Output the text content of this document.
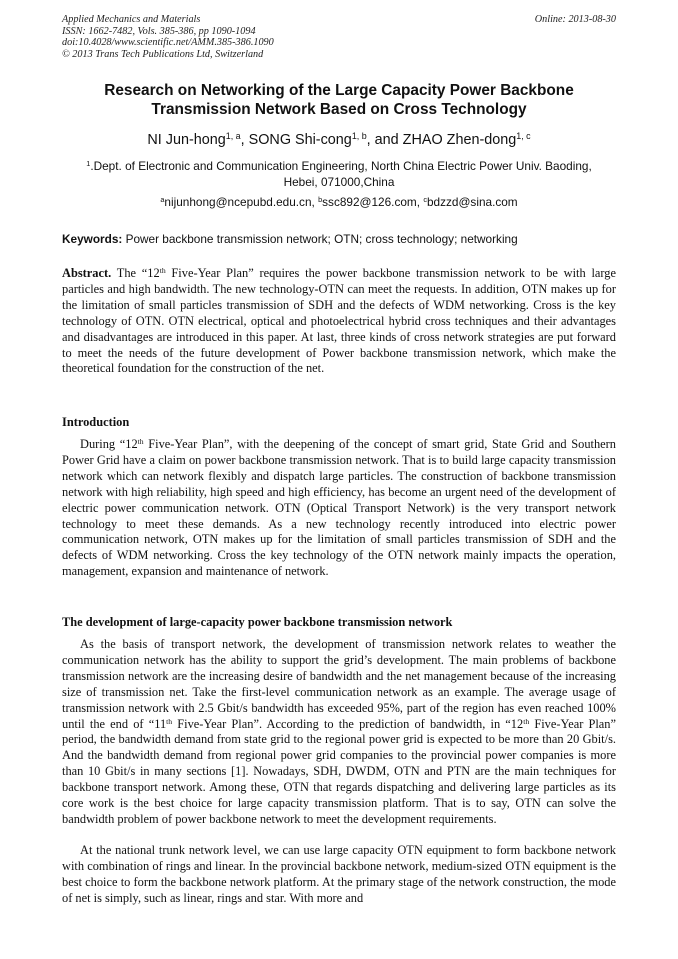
Applied Mechanics and Materials
ISSN: 1662-7482, Vols. 385-386, pp 1090-1094
doi:10.4028/www.scientific.net/AMM.385-386.1090
© 2013 Trans Tech Publications Ltd, Switzerland
Online: 2013-08-30
Research on Networking of the Large Capacity Power Backbone
Transmission Network Based on Cross Technology
NI Jun-hong$^{1, a}$, SONG Shi-cong$^{1, b}$, and ZHAO Zhen-dong$^{1, c}$
$^1$.Dept. of Electronic and Communication Engineering, North China Electric Power Univ. Baoding,
Hebei, 071000,China
$^a$nijunhong@ncepubd.edu.cn, $^b$ssc892@126.com, $^c$bdzzd@sina.com
Keywords: Power backbone transmission network; OTN; cross technology; networking
Abstract. The “12th Five-Year Plan” requires the power backbone transmission network to be with large particles and high bandwidth. The new technology-OTN can meet the requests. In addition, OTN makes up for the limitation of small particles transmission of SDH and the defects of WDM networking. Cross is the key technology of OTN. OTN electrical, optical and photoelectrical hybrid cross techniques and their advantages and disadvantages are introduced in this paper. At last, three kinds of cross network strategies are put forward to meet the needs of the future development of Power backbone transmission network, which make the theoretical foundation for the construction of the net.
Introduction
During “12th Five-Year Plan”, with the deepening of the concept of smart grid, State Grid and Southern Power Grid have a claim on power backbone transmission network. That is to build large capacity transmission network which can network flexibly and dispatch large particles. The construction of backbone transmission network with high reliability, high speed and high efficiency, has become an urgent need of the development of electric power communication network. OTN (Optical Transport Network) is the very transport network technology to meet these demands. As a new technology recently introduced into electric power communication network, OTN makes up for the limitation of small particles transmission of SDH and the defects of WDM networking. Cross the key technology of the OTN network mainly impacts the operation, management, expansion and maintenance of network.
The development of large-capacity power backbone transmission network
As the basis of transport network, the development of transmission network relates to weather the communication network has the ability to support the grid’s development. The main problems of backbone transmission network are the increasing desire of bandwidth and the net management because of the increasing size of transmission net. Take the first-level communication network as an example. The average usage of transmission network with 2.5 Gbit/s bandwidth has exceeded 95%, part of the region has even reached 100% until the end of “11th Five-Year Plan”. According to the prediction of bandwidth, in “12th Five-Year Plan” period, the bandwidth demand from state grid to the regional power grid is expected to be more than 20 Gbit/s. And the bandwidth demand from regional power grid companies to the provincial power companies is more than 10 Gbit/s in many sections [1]. Nowadays, SDH, DWDM, OTN and PTN are the main techniques for backbone transport network. Among these, OTN that regards dispatching and delivering large particles as its core work is the best choice for large capacity transmission platform. That is to say, OTN can solve the bandwidth problem of power backbone network to meet the development requirements.
At the national trunk network level, we can use large capacity OTN equipment to form backbone network with combination of rings and linear. In the provincial backbone network, medium-sized OTN equipment is the best choice to form the backbone network platform. At the primary stage of the network construction, the mode of net is simply, such as linear, rings and star. With more and
